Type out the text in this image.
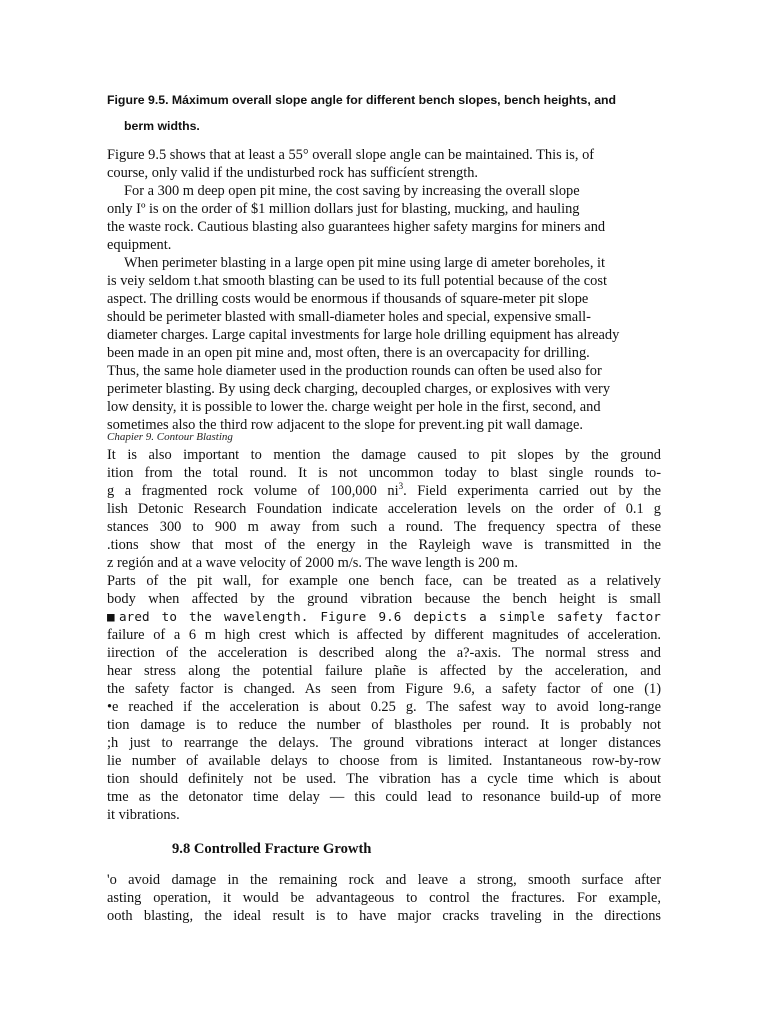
Figure 9.5. Máximum overall slope angle for different bench slopes, bench heights, and
berm widths.
Figure 9.5 shows that at least a 55° overall slope angle can be maintained. This is, of
course, only valid if the undisturbed rock has sufficíent strength.
For a 300 m deep open pit mine, the cost saving by increasing the overall slope
only Iº is on the order of $1 million dollars just for blasting, mucking, and hauling
the waste rock. Cautious blasting also guarantees higher safety margins for miners and
equipment.
When perimeter blasting in a large open pit mine using large di ameter boreholes, it
is veiy seldom t.hat smooth blasting can be used to its full potential because of the cost
aspect. The drilling costs would be enormous if thousands of square-meter pit slope
should be perimeter blasted with small-diameter holes and special, expensive small-
diameter charges. Large capital investments for large hole drilling equipment has already
been made in an open pit mine and, most often, there is an overcapacity for drilling.
Thus, the same hole diameter used in the production rounds can often be used also for
perimeter blasting. By using deck charging, decoupled charges, or explosives with very
low density, it is possible to lower the. charge weight per hole in the first, second, and
sometimes also the third row adjacent to the slope for prevent.ing pit wall damage.
Chapier 9. Contour Blasting
It is also important to mention the damage caused to pit slopes by the ground
ition from the total round. It is not uncommon today to blast single rounds to-
g a fragmented rock volume of 100,000 $ni^3$. Field experimenta carried out by the
lish Detonic Research Foundation indicate acceleration levels on the order of 0.1 g
stances 300 to 900 m away from such a round. The frequency spectra of these
.tions show that most of the energy in the Rayleigh wave is transmitted in the
z región and at a wave velocity of 2000 m/s. The wave length is 200 m.
Parts of the pit wall, for example one bench face, can be treated as a relatively
body when affected by the ground vibration because the bench height is small
■ared to the wavelength. Figure 9.6 depicts a simple safety factor
failure of a 6 m high crest which is affected by different magnitudes of acceleration.
iirection of the acceleration is described along the a?-axis. The normal stress and
hear stress along the potential failure plañe is affected by the acceleration, and
the safety factor is changed. As seen from Figure 9.6, a safety factor of one (1)
•e reached if the acceleration is about 0.25 g. The safest way to avoid long-range
tion damage is to reduce the number of blastholes per round. It is probably not
;h just to rearrange the delays. The ground vibrations interact at longer distances
lie number of available delays to choose from is limited. Instantaneous row-by-row
tion should definitely not be used. The vibration has a cycle time which is about
tme as the detonator time delay — this could lead to resonance build-up of more
it vibrations.
9.8 Controlled Fracture Growth
'o avoid damage in the remaining rock and leave a strong, smooth surface after
asting operation, it would be advantageous to control the fractures. For example,
ooth blasting, the ideal result is to have major cracks traveling in the directions
